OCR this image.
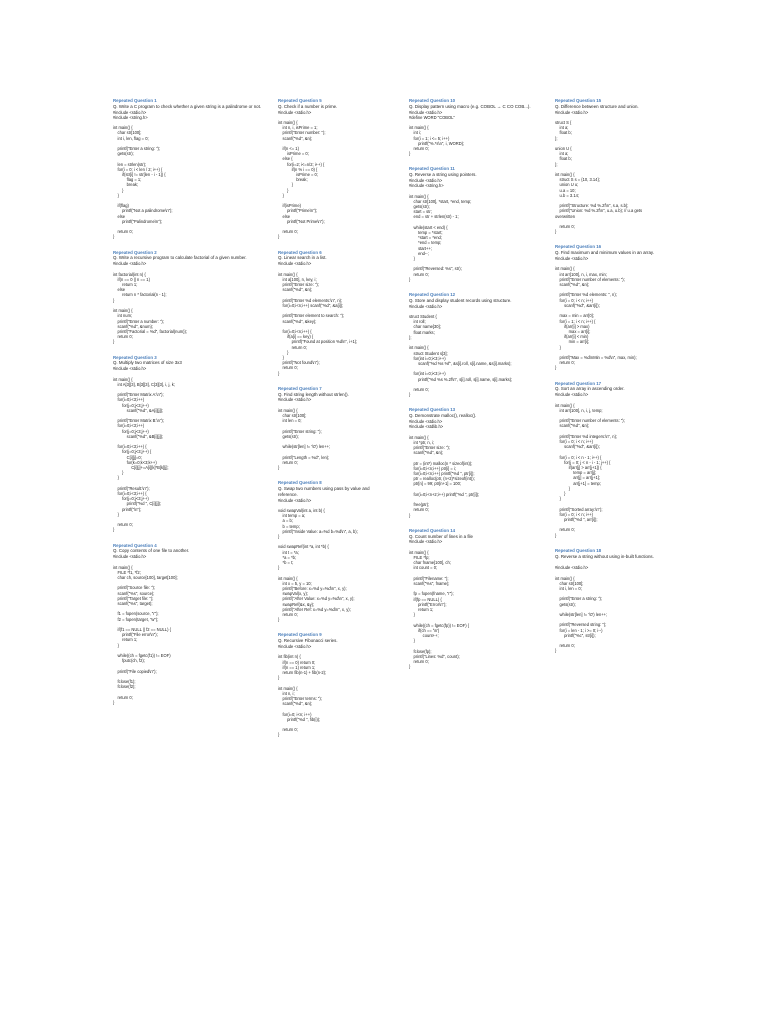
Repeated Question 1
Q. Write a C program to check whether a given string is a palindrome or not.
#include <stdio.h>
#include <string.h>

int main() {
char str[100];
int i, len, flag = 0;

printf("Enter a string: ");
gets(str);

len = strlen(str);
for(i = 0; i < len / 2; i++) {
if(str[i] != str[len - i - 1]) {
flag = 1;
break;
}
}

if(flag)
printf("Not a palindrome\n");
else
printf("Palindrome\n");

return 0;
}
Repeated Question 2
Q. Write a recursive program to calculate factorial of a given number.
#include <stdio.h>

int factorial(int n) {
if(n == 0 || n == 1)
return 1;
else
return n * factorial(n - 1);
}

int main() {
int num;
printf("Enter a number: ");
scanf("%d", &num);
printf("Factorial = %d", factorial(num));
return 0;
}
Repeated Question 3
Q. Multiply two matrices of size 3x3
#include <stdio.h>

int main() {
int A[3][3], B[3][3], C[3][3], i, j, k;

printf("Enter Matrix A:\n");
for(i=0;i<3;i++)
for(j=0;j<3;j++)
scanf("%d", &A[i][j]);

printf("Enter Matrix B:\n");
for(i=0;i<3;i++)
for(j=0;j<3;j++)
scanf("%d", &B[i][j]);

for(i=0;i<3;i++) {
for(j=0;j<3;j++) {
C[i][j]=0;
for(k=0;k<3;k++)
C[i][j]+=A[i][k]*B[k][j];
}
}

printf("Result:\n");
for(i=0;i<3;i++) {
for(j=0;j<3;j++)
printf("%d ", C[i][j]);
printf("\n");
}

return 0;
}
Repeated Question 4
Q. Copy contents of one file to another.
#include <stdio.h>

int main() {
FILE *f1, *f2;
char ch, source[100], target[100];

printf("Source file: ");
scanf("%s", source);
printf("Target file: ");
scanf("%s", target);

f1 = fopen(source, "r");
f2 = fopen(target, "w");

if(f1 == NULL || f2 == NULL) {
printf("File error\n");
return 1;
}

while((ch = fgetc(f1)) != EOF)
fputc(ch, f2);

printf("File copied\n");

fclose(f1);
fclose(f2);

return 0;
}
Repeated Question 5
Q. Check if a number is prime.
#include <stdio.h>

int main() {
int n, i, isPrime = 1;
printf("Enter number: ");
scanf("%d", &n);

if(n <= 1)
isPrime = 0;
else {
for(i=2; i<=n/2; i++) {
if(n % i == 0) {
isPrime = 0;
break;
}
}
}

if(isPrime)
printf("Prime\n");
else
printf("Not Prime\n");

return 0;
}
Repeated Question 6
Q. Linear search in a list.
#include <stdio.h>

int main() {
int a[100], n, key, i;
printf("Enter size: ");
scanf("%d", &n);

printf("Enter %d elements:\n", n);
for(i=0;i<n;i++) scanf("%d", &a[i]);

printf("Enter element to search: ");
scanf("%d", &key);

for(i=0;i<n;i++) {
if(a[i] == key) {
printf("Found at position %d\n", i+1);
return 0;
}
}
printf("Not found\n");
return 0;
}
Repeated Question 7
Q. Find string length without strlen().
#include <stdio.h>

int main() {
char str[100];
int len = 0;

printf("Enter string: ");
gets(str);

while(str[len] != '\0') len++;

printf("Length = %d", len);
return 0;
}
Repeated Question 8
Q. Swap two numbers using pass by value and
reference.
#include <stdio.h>

void swapVal(int a, int b) {
int temp = a;
a = b;
b = temp;
printf("Inside Value: a=%d b=%d\n", a, b);
}

void swapRef(int *a, int *b) {
int t = *a;
*a = *b;
*b = t;
}

int main() {
int x = 5, y = 10;
printf("Before: x=%d y=%d\n", x, y);
swapVal(x, y);
printf("After Value: x=%d y=%d\n", x, y);
swapRef(&x, &y);
printf("After Ref: x=%d y=%d\n", x, y);
return 0;
}
Repeated Question 9
Q. Recursive Fibonacci series.
#include <stdio.h>

int fib(int n) {
if(n == 0) return 0;
if(n == 1) return 1;
return fib(n-1) + fib(n-2);
}

int main() {
int n, i;
printf("Enter terms: ");
scanf("%d", &n);

for(i=0; i<n; i++)
printf("%d ", fib(i));

return 0;
}
Repeated Question 10
Q. Display pattern using macro (e.g. COBOL → C CO COB...).
#include <stdio.h>
#define WORD "COBOL"

int main() {
int i;
for(i = 1; i <= 5; i++)
printf("%.*s\n", i, WORD);
return 0;
}
Repeated Question 11
Q. Reverse a string using pointers.
#include <stdio.h>
#include <string.h>

int main() {
char str[100], *start, *end, temp;
gets(str);
start = str;
end = str + strlen(str) - 1;

while(start < end) {
temp = *start;
*start = *end;
*end = temp;
start++;
end--;
}

printf("Reversed: %s", str);
return 0;
}
Repeated Question 12
Q. Store and display student records using structure.
#include <stdio.h>

struct Student {
int roll;
char name[30];
float marks;
};

int main() {
struct Student s[3];
for(int i=0;i<3;i++)
scanf("%d %s %f", &s[i].roll, s[i].name, &s[i].marks);

for(int i=0;i<3;i++)
printf("%d %s %.2f\n", s[i].roll, s[i].name, s[i].marks);

return 0;
}
Repeated Question 13
Q. Demonstrate malloc(), realloc().
#include <stdio.h>
#include <stdlib.h>

int main() {
int *ptr, n, i;
printf("Enter size: ");
scanf("%d", &n);

ptr = (int*) malloc(n * sizeof(int));
for(i=0;i<n;i++) ptr[i] = i;
for(i=0;i<n;i++) printf("%d ", ptr[i]);
ptr = realloc(ptr, (n+2)*sizeof(int));
ptr[n] = 99; ptr[n+1] = 100;

for(i=0;i<n+2;i++) printf("%d ", ptr[i]);

free(ptr);
return 0;
}
Repeated Question 14
Q. Count number of lines in a file
#include <stdio.h>

int main() {
FILE *fp;
char fname[100], ch;
int count = 0;

printf("Filename: ");
scanf("%s", fname);

fp = fopen(fname, "r");
if(fp == NULL) {
printf("Error\n");
return 1;
}

while((ch = fgetc(fp)) != EOF) {
if(ch == '\n')
count++;
}

fclose(fp);
printf("Lines: %d", count);
return 0;
}
Repeated Question 15
Q. Difference between structure and union.
#include <stdio.h>

struct S {
int a;
float b;
};

union U {
int a;
float b;
};

int main() {
struct S s = {10, 3.14};
union U u;
u.a = 10;
u.b = 3.14;

printf("Structure: %d %.2f\n", s.a, s.b);
printf("Union: %d %.2f\n", u.a, u.b); // u.a gets
overwritten

return 0;
}
Repeated Question 16
Q. Find maximum and minimum values in an array.
#include <stdio.h>

int main() {
int arr[100], n, i, max, min;
printf("Enter number of elements: ");
scanf("%d", &n);

printf("Enter %d elements: ", n);
for(i = 0; i < n; i++)
scanf("%d", &arr[i]);

max = min = arr[0];
for(i = 1; i < n; i++) {
if(arr[i] > max)
max = arr[i];
if(arr[i] < min)
min = arr[i];
}

printf("Max = %d\nMin = %d\n", max, min);
return 0;
}
Repeated Question 17
Q. Sort an array in ascending order.
#include <stdio.h>

int main() {
int arr[100], n, i, j, temp;

printf("Enter number of elements: ");
scanf("%d", &n);

printf("Enter %d integers:\n", n);
for(i = 0; i < n; i++)
scanf("%d", &arr[i]);

for(i = 0; i < n - 1; i++) {
for(j = 0; j < n - i - 1; j++) {
if(arr[j] > arr[j+1]) {
temp = arr[j];
arr[j] = arr[j+1];
arr[j+1] = temp;
}
}
}

printf("Sorted array:\n");
for(i = 0; i < n; i++)
printf("%d ", arr[i]);

return 0;
}
Repeated Question 18
Q. Reverse a string without using in-built functions.

#include <stdio.h>

int main() {
char str[100];
int i, len = 0;

printf("Enter a string: ");
gets(str);

while(str[len] != '\0') len++;

printf("Reversed string: ");
for(i = len - 1; i >= 0; i--)
printf("%c", str[i]);

return 0;
}
